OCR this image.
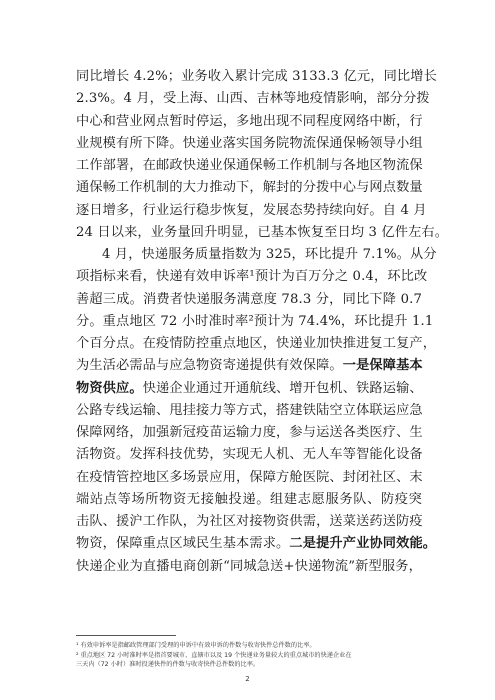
同比增长 4.2%；业务收入累计完成 3133.3 亿元，同比增长
2.3%。4 月，受上海、山西、吉林等地疫情影响，部分分拨
中心和营业网点暂时停运，多地出现不同程度网络中断，行
业规模有所下降。快递业落实国务院物流保通保畅领导小组
工作部署，在邮政快递业保通保畅工作机制与各地区物流保
通保畅工作机制的大力推动下，解封的分拨中心与网点数量
逐日增多，行业运行稳步恢复，发展态势持续向好。自 4 月
24 日以来，业务量回升明显，已基本恢复至日均 3 亿件左右。
4 月，快递服务质量指数为 325，环比提升 7.1%。从分
项指标来看，快递有效申诉率¹预计为百万分之 0.4，环比改
善超三成。消费者快递服务满意度 78.3 分，同比下降 0.7
分。重点地区 72 小时准时率²预计为 74.4%，环比提升 1.1
个百分点。在疫情防控重点地区，快递业加快推进复工复产，
为生活必需品与应急物资寄递提供有效保障。一是保障基本
物资供应。快递企业通过开通航线、增开包机、铁路运输、
公路专线运输、甩挂接力等方式，搭建铁陆空立体联运应急
保障网络，加强新冠疫苗运输力度，参与运送各类医疗、生
活物资。发挥科技优势，实现无人机、无人车等智能化设备
在疫情管控地区多场景应用，保障方舱医院、封闭社区、末
端站点等场所物资无接触投递。组建志愿服务队、防疫突
击队、援沪工作队，为社区对接物资供需，送菜送药送防疫
物资，保障重点区域民生基本需求。二是提升产业协同效能。
快递企业为直播电商创新“同城急送+快递物流”新型服务，
¹ 有效申诉率是指邮政管理部门受理的申诉中有效申诉的件数与收寄快件总件数的比率。
² 重点地区 72 小时准时率是指首要城市、直辖市以及 19 个快递业务量较大的重点城市的快递企业在
三天内（72 小时）准时投递快件的件数与收寄快件总件数的比率。
2
